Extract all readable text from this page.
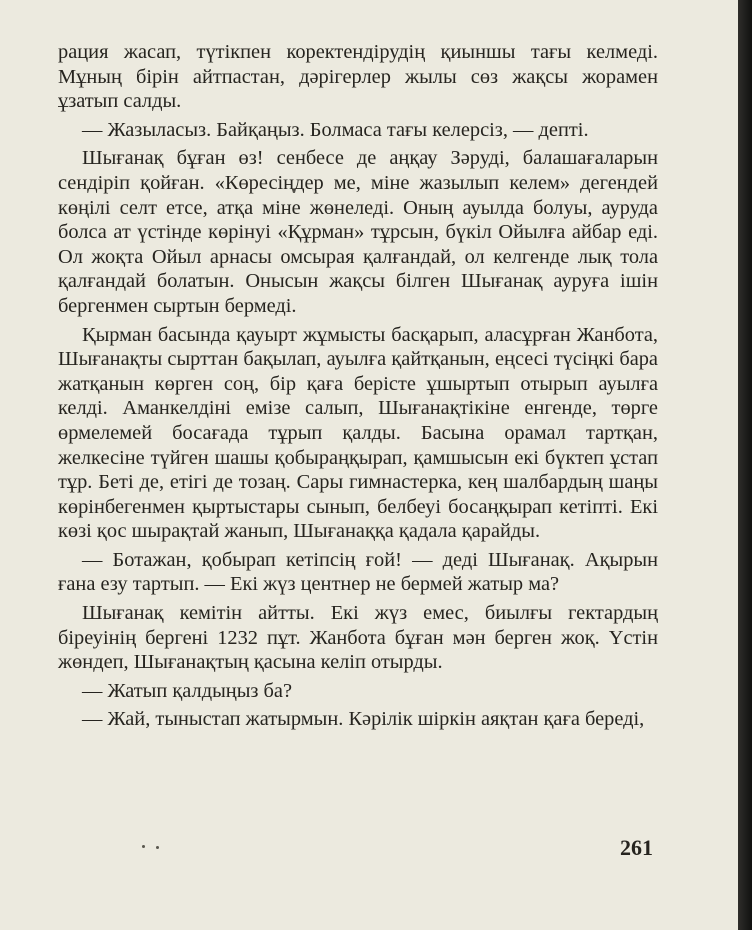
рация жасап, түтікпен коректендірудің қиыншы тағы келмеді. Мұның бірін айтпастан, дәрігерлер жылы сөз жақсы жорамен ұзатып салды.

— Жазыласыз. Байқаңыз. Болмаса тағы келерсіз, — депті.

Шығанақ бұған өз! сенбесе де аңқау Зәруді, балашағаларын сендіріп қойған. «Көресіңдер ме, міне жазылып келем» дегендей көңілі селт етсе, атқа міне жөнеледі. Оның ауылда болуы, ауруда болса ат үстінде көрінуі «Құрман» тұрсын, бүкіл Ойылға айбар еді. Ол жоқта Ойыл арнасы омсырая қалғандай, ол келгенде лық тола қалғандай болатын. Онысын жақсы білген Шығанақ ауруға ішін бергенмен сыртын бермеді.

Қырман басында қауырт жұмысты басқарып, аласұрған Жанбота, Шығанақты сырттан бақылап, ауылға қайтқанын, еңсесі түсіңкі бара жатқанын көрген соң, бір қаға берісте ұшыртып отырып ауылға келді. Аманкелдіні емізе салып, Шығанақтікіне енгенде, төрге өрмелемей босағада тұрып қалды. Басына орамал тартқан, желкесіне түйген шашы қобыраңқырап, қамшысын екі бүктеп ұстап тұр. Беті де, етігі де тозаң. Сары гимнастерка, кең шалбардың шаңы көрінбегенмен қыртыстары сынып, белбеуі босаңқырап кетіпті. Екі көзі қос шырақтай жанып, Шығанаққа қадала қарайды.

— Ботажан, қобырап кетіпсің ғой! — деді Шығанақ. Ақырын ғана езу тартып. — Екі жүз центнер не бермей жатыр ма?

Шығанақ кемітін айтты. Екі жүз емес, биылғы гектардың біреуінің бергені 1232 пұт. Жанбота бұған мән берген жоқ. Үстін жөндеп, Шығанақтың қасына келіп отырды.

— Жатып қалдыңыз ба?

— Жай, тыныстап жатырмын. Кәрілік шіркін аяқтан қаға береді,

261
